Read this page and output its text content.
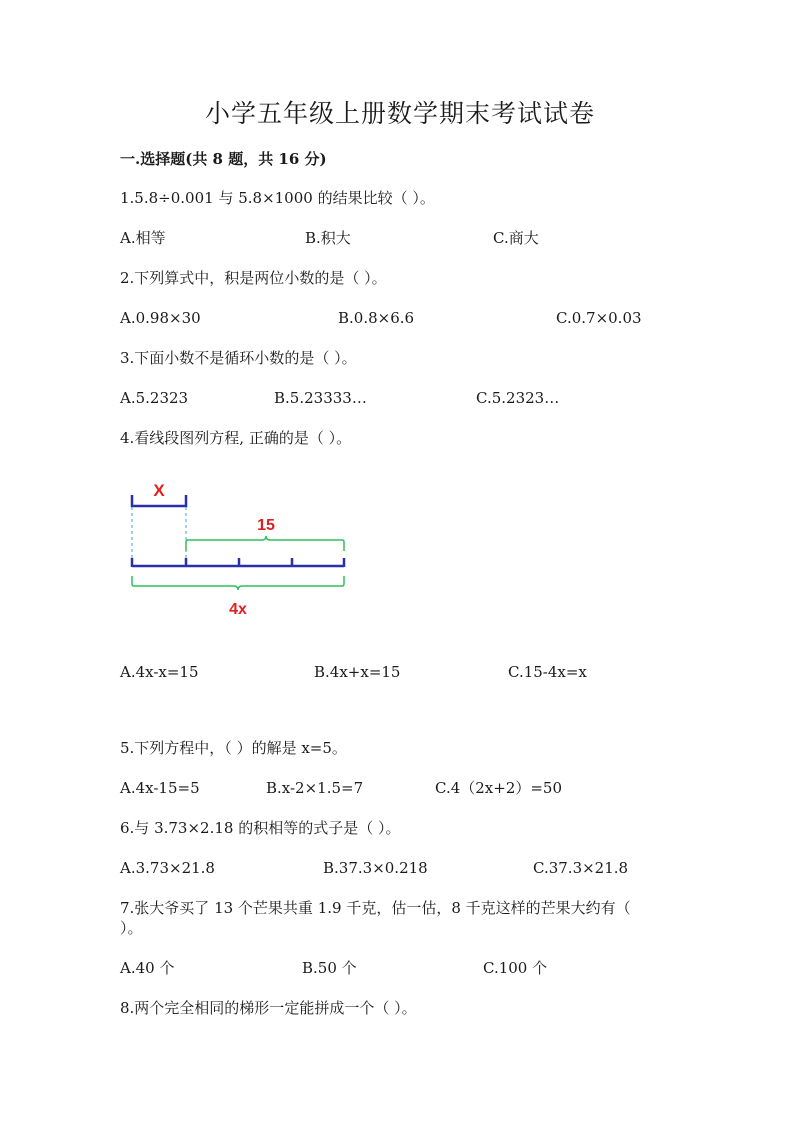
小学五年级上册数学期末考试试卷
一.选择题(共 8 题，共 16 分)
1.5.8÷0.001 与 5.8×1000 的结果比较（ ）。
A.相等	B.积大	C.商大
2.下列算式中，积是两位小数的是（ ）。
A.0.98×30	B.0.8×6.6	C.0.7×0.03
3.下面小数不是循环小数的是（ ）。
A.5.2323	B.5.23333…	C.5.2323…
4.看线段图列方程, 正确的是（ ）。
X
15
4x
A.4x-x=15	B.4x+x=15	C.15-4x=x
5.下列方程中，（ ）的解是 x=5。
A.4x-15=5	B.x-2×1.5=7	C.4（2x+2）=50
6.与 3.73×2.18 的积相等的式子是（ ）。
A.3.73×21.8	B.37.3×0.218	C.37.3×21.8
7.张大爷买了 13 个芒果共重 1.9 千克，估一估，8 千克这样的芒果大约有（ ）。
A.40 个	B.50 个	C.100 个
8.两个完全相同的梯形一定能拼成一个（ ）。
